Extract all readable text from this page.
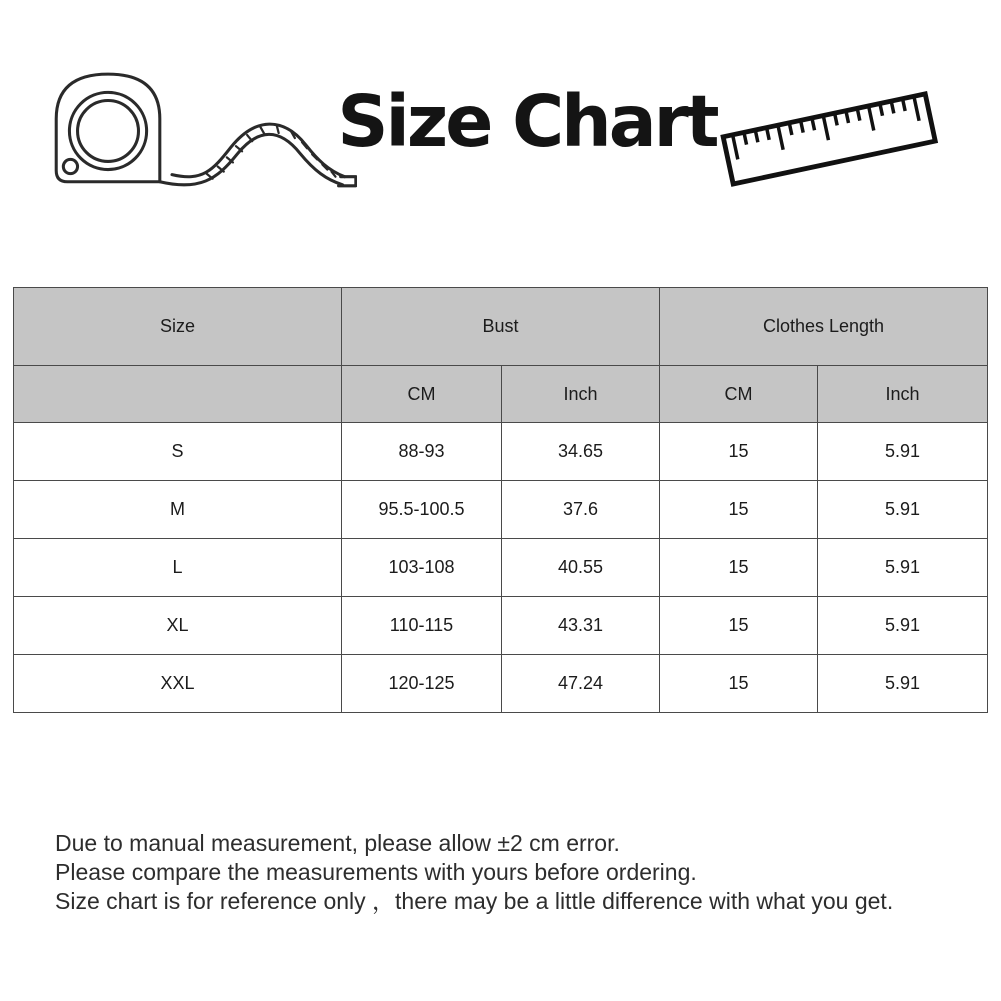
Size Chart
Size	Bust		Clothes Length	
	CM	Inch	CM	Inch
S	88-93	34.65	15	5.91
M	95.5-100.5	37.6	15	5.91
L	103-108	40.55	15	5.91
XL	110-115	43.31	15	5.91
XXL	120-125	47.24	15	5.91

Due to manual measurement, please allow ±2 cm error.

Please compare the measurements with yours before ordering.

Size chart is for reference only ，there may be a little difference with what you get.
